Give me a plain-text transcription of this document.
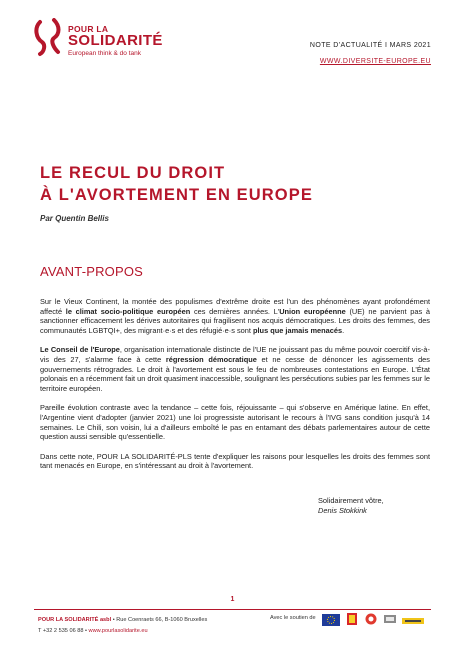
POUR LA
SOLIDARITÉ
European think & do tank
NOTE D'ACTUALITÉ I MARS 2021
WWW.DIVERSITE-EUROPE.EU
LE RECUL DU DROIT
À L'AVORTEMENT EN EUROPE
Par Quentin Bellis
AVANT-PROPOS

Sur le Vieux Continent, la montée des populismes d'extrême droite est l'un des phénomènes ayant profondément affecté le climat socio-politique européen ces dernières années. L'Union européenne (UE) ne parvient pas à sanctionner efficacement les dérives autoritaires qui fragilisent nos acquis démocratiques. Les droits des femmes, des communautés LGBTQI+, des migrant·e·s et des réfugié·e·s sont plus que jamais menacés.

Le Conseil de l'Europe, organisation internationale distincte de l'UE ne jouissant pas du même pouvoir coercitif vis-à-vis des 27, s'alarme face à cette régression démocratique et ne cesse de dénoncer les agissements des gouvernements rétrogrades. Le droit à l'avortement est sous le feu de nombreuses contestations en Europe. L'État polonais en a récemment fait un droit quasiment inaccessible, soulignant les persécutions subies par les femmes sur le territoire européen.

Pareille évolution contraste avec la tendance – cette fois, réjouissante – qui s'observe en Amérique latine. En effet, l'Argentine vient d'adopter (janvier 2021) une loi progressiste autorisant le recours à l'IVG sans condition jusqu'à 14 semaines. Le Chili, son voisin, lui a d'ailleurs emboîté le pas en entamant des débats parlementaires autour de cette question aussi sensible qu'essentielle.

Dans cette note, POUR LA SOLIDARITÉ-PLS tente d'expliquer les raisons pour lesquelles les droits des femmes sont tant menacés en Europe, en s'intéressant au droit à l'avortement.

Solidairement vôtre,
Denis Stokkink
1
POUR LA SOLIDARITÉ asbl • Rue Coenraets 66, B-1060 Bruxelles
T +32 2 535 06 88 • www.pourlasolidarite.eu
Avec le soutien de
